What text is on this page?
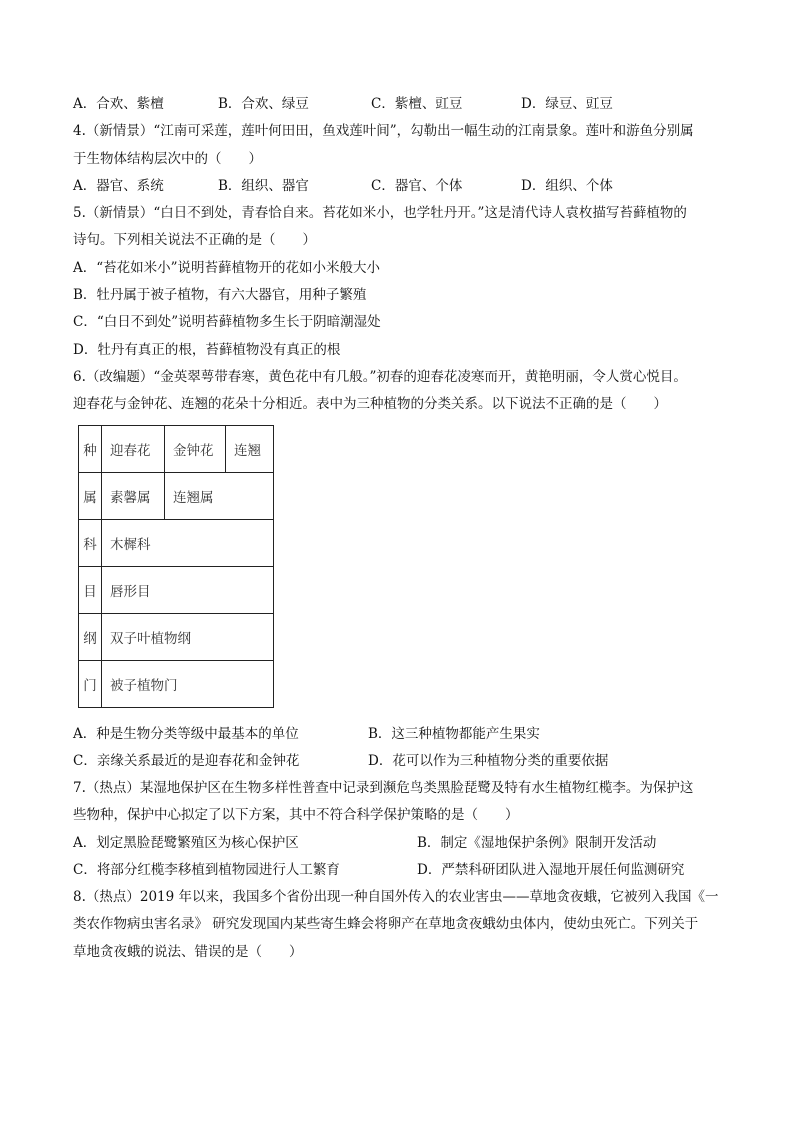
A．合欢、紫檀	B．合欢、绿豆	C．紫檀、豇豆	D．绿豆、豇豆
4.（新情景）“江南可采莲，莲叶何田田，鱼戏莲叶间”，勾勒出一幅生动的江南景象。莲叶和游鱼分别属
于生物体结构层次中的（　　）
A．器官、系统	B．组织、器官	C．器官、个体	D．组织、个体
5.（新情景）“白日不到处，青春恰自来。苔花如米小，也学牡丹开。”这是清代诗人袁枚描写苔藓植物的
诗句。下列相关说法不正确的是（　　）
A．“苔花如米小”说明苔藓植物开的花如小米般大小
B．牡丹属于被子植物，有六大器官，用种子繁殖
C．“白日不到处”说明苔藓植物多生长于阴暗潮湿处
D．牡丹有真正的根，苔藓植物没有真正的根
6.（改编题）“金英翠萼带春寒，黄色花中有几般。”初春的迎春花凌寒而开，黄艳明丽，令人赏心悦目。
迎春花与金钟花、连翘的花朵十分相近。表中为三种植物的分类关系。以下说法不正确的是（　　）
种	迎春花	金钟花	连翘
属	素馨属	连翘属	
科	木樨科		
目	唇形目		
纲	双子叶植物纲		
门	被子植物门		
A．种是生物分类等级中最基本的单位	B．这三种植物都能产生果实
C．亲缘关系最近的是迎春花和金钟花	D．花可以作为三种植物分类的重要依据
7.（热点）某湿地保护区在生物多样性普查中记录到濒危鸟类黑脸琵鹭及特有水生植物红榄李。为保护这
些物种，保护中心拟定了以下方案，其中不符合科学保护策略的是（　　）
A．划定黑脸琵鹭繁殖区为核心保护区	B．制定《湿地保护条例》限制开发活动
C．将部分红榄李移植到植物园进行人工繁育	D．严禁科研团队进入湿地开展任何监测研究
8.（热点）2019 年以来，我国多个省份出现一种自国外传入的农业害虫——草地贪夜蛾，它被列入我国《一
类农作物病虫害名录》 研究发现国内某些寄生蜂会将卵产在草地贪夜蛾幼虫体内，使幼虫死亡。下列关于
草地贪夜蛾的说法、错误的是（　　）
